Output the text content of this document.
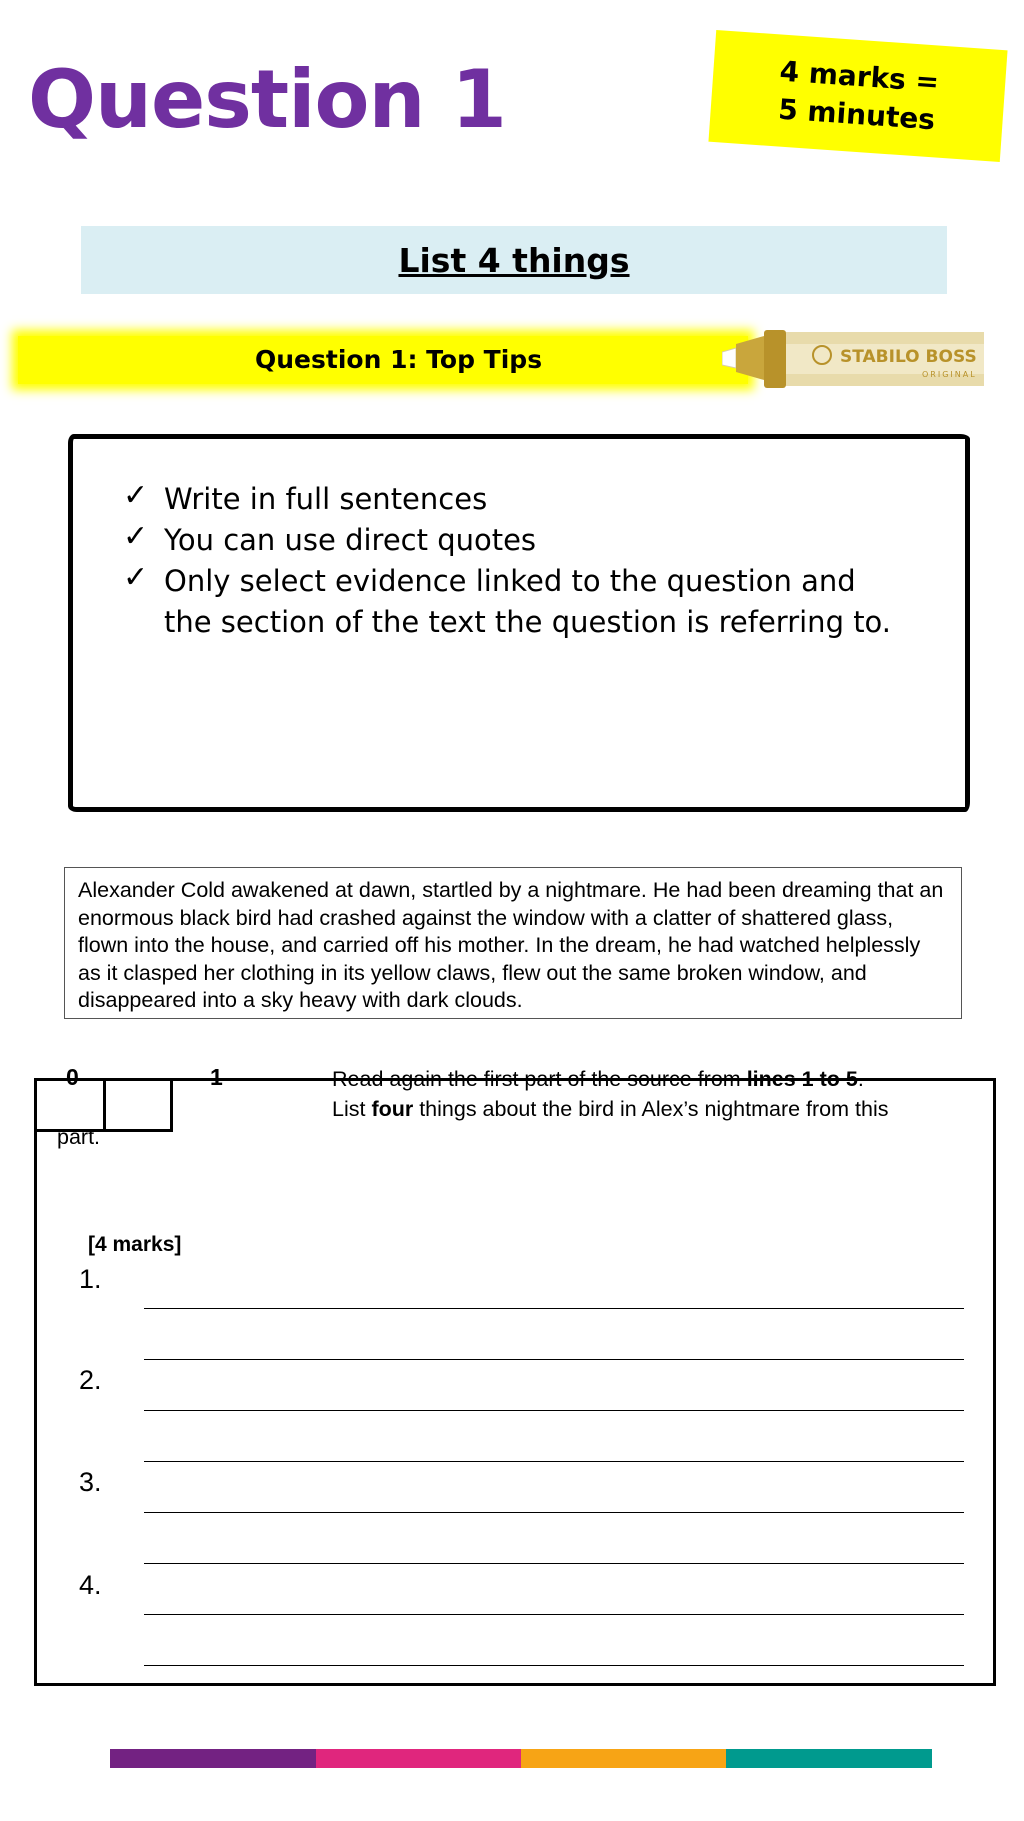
Question 1	4 marks =
5 minutes
List 4 things
Question 1: Top Tips	STABILO BOSS
ORIGINAL
✓ Write in full sentences
✓ You can use direct quotes
✓ Only select evidence linked to the question and the section of the text the question is referring to.
Alexander Cold awakened at dawn, startled by a nightmare. He had been dreaming that an enormous black bird had crashed against the window with a clatter of shattered glass, flown into the house, and carried off his mother. In the dream, he had watched helplessly as it clasped her clothing in its yellow claws, flew out the same broken window, and disappeared into a sky heavy with dark clouds.
0	1	Read again the first part of the source from lines 1 to 5.
List four things about the bird in Alex’s nightmare from this
part.
[4 marks]
1.
2.
3.
4.
